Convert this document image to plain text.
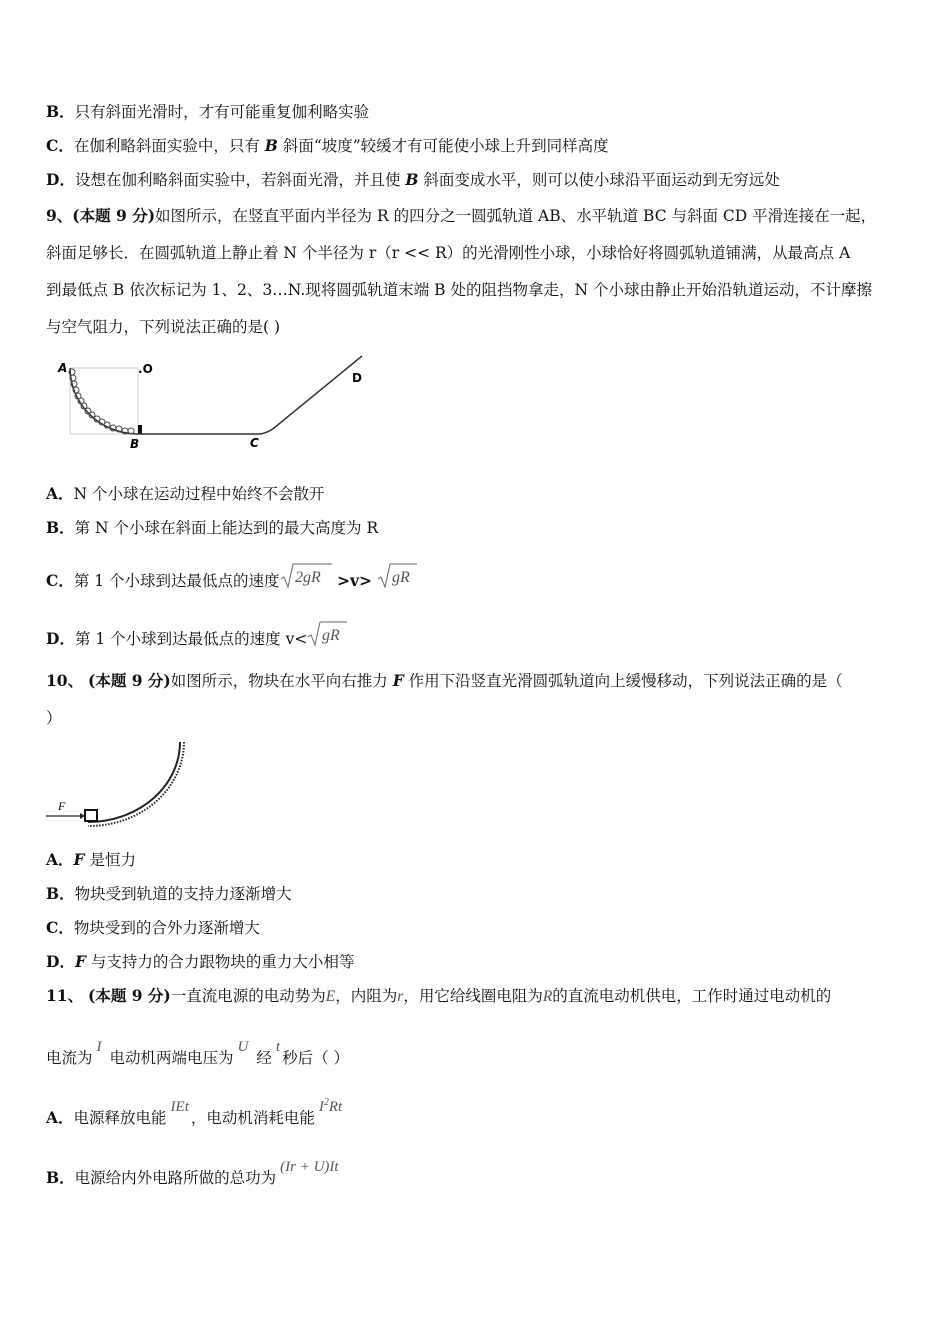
B．只有斜面光滑时，才有可能重复伽利略实验
C．在伽利略斜面实验中，只有 B 斜面“坡度”较缓才有可能使小球上升到同样高度
D．设想在伽利略斜面实验中，若斜面光滑，并且使 B 斜面变成水平，则可以使小球沿平面运动到无穷远处
9、(本题 9 分)如图所示，在竖直平面内半径为 R 的四分之一圆弧轨道 AB、水平轨道 BC 与斜面 CD 平滑连接在一起，
斜面足够长．在圆弧轨道上静止着 N 个半径为 r（r << R）的光滑刚性小球，小球恰好将圆弧轨道铺满，从最高点 A
到最低点 B 依次标记为 1、2、3…N.现将圆弧轨道末端 B 处的阻挡物拿走，N 个小球由静止开始沿轨道运动，不计摩擦
与空气阻力，下列说法正确的是( )
A	.O
B	C
D
A．N 个小球在运动过程中始终不会散开
B．第 N 个小球在斜面上能达到的最大高度为 R
C．第 1 个小球到达最低点的速度 2gR >v> gR
D．第 1 个小球到达最低点的速度 v< gR
10、 (本题 9 分)如图所示，物块在水平向右推力 F 作用下沿竖直光滑圆弧轨道向上缓慢移动，下列说法正确的是（
）
F
A．F 是恒力
B．物块受到轨道的支持力逐渐增大
C．物块受到的合外力逐渐增大
D．F 与支持力的合力跟物块的重力大小相等
11、 (本题 9 分)一直流电源的电动势为E，内阻为r，用它给线圈电阻为R的直流电动机供电，工作时通过电动机的
电流为I电动机两端电压为U经t秒后（ ）
A．电源释放电能IEt，电动机消耗电能$I^2Rt$
B．电源给内外电路所做的总功为(Ir + U)It
